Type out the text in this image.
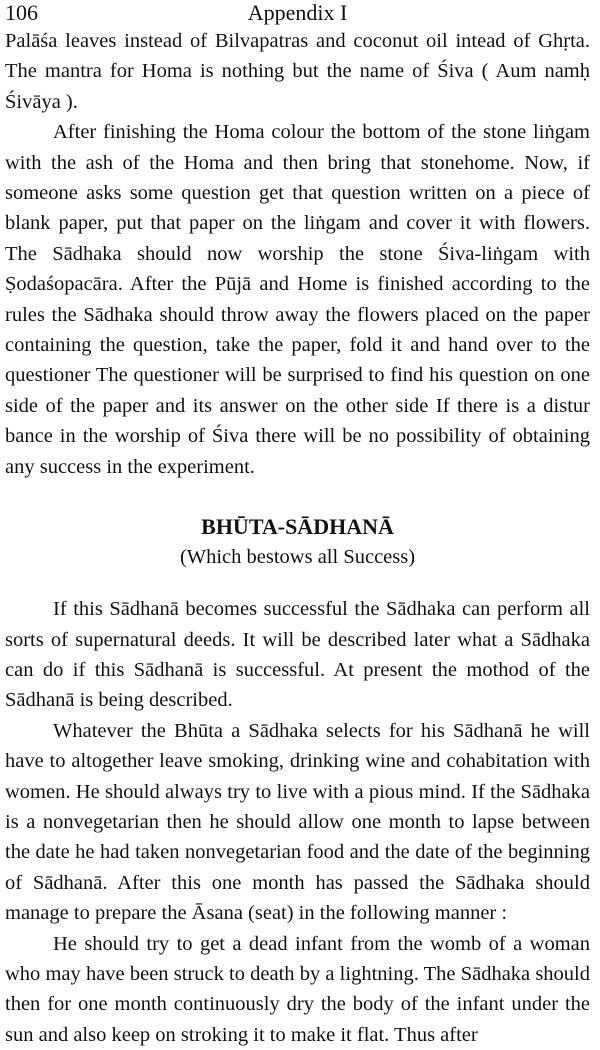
106	Appendix I

Palāśa leaves instead of Bilvapatras and coconut oil intead of Ghṛta. The mantra for Homa is nothing but the name of Śiva ( Aum namḥ Śivāya ).

After finishing the Homa colour the bottom of the stone liṅgam with the ash of the Homa and then bring that stonehome. Now, if someone asks some question get that question written on a piece of blank paper, put that paper on the liṅgam and cover it with flowers. The Sādhaka should now worship the stone Śiva-liṅgam with Ṣodaśopacāra. After the Pūjā and Home is finished according to the rules the Sādhaka should throw away the flowers placed on the paper containing the question, take the paper, fold it and hand over to the questioner The questioner will be surprised to find his question on one side of the paper and its answer on the other side If there is a distur bance in the worship of Śiva there will be no possibility of obtaining any success in the experiment.

BHŪTA-SĀDHANĀ
(Which bestows all Success)

If this Sādhanā becomes successful the Sādhaka can perform all sorts of supernatural deeds. It will be described later what a Sādhaka can do if this Sādhanā is successful. At present the mothod of the Sādhanā is being described.

Whatever the Bhūta a Sādhaka selects for his Sādhanā he will have to altogether leave smoking, drinking wine and cohabitation with women. He should always try to live with a pious mind. If the Sādhaka is a nonvegetarian then he should allow one month to lapse between the date he had taken nonvegetarian food and the date of the beginning of Sādhanā. After this one month has passed the Sādhaka should manage to prepare the Āsana (seat) in the following manner :

He should try to get a dead infant from the womb of a woman who may have been struck to death by a lightning. The Sādhaka should then for one month continuously dry the body of the infant under the sun and also keep on stroking it to make it flat. Thus after
